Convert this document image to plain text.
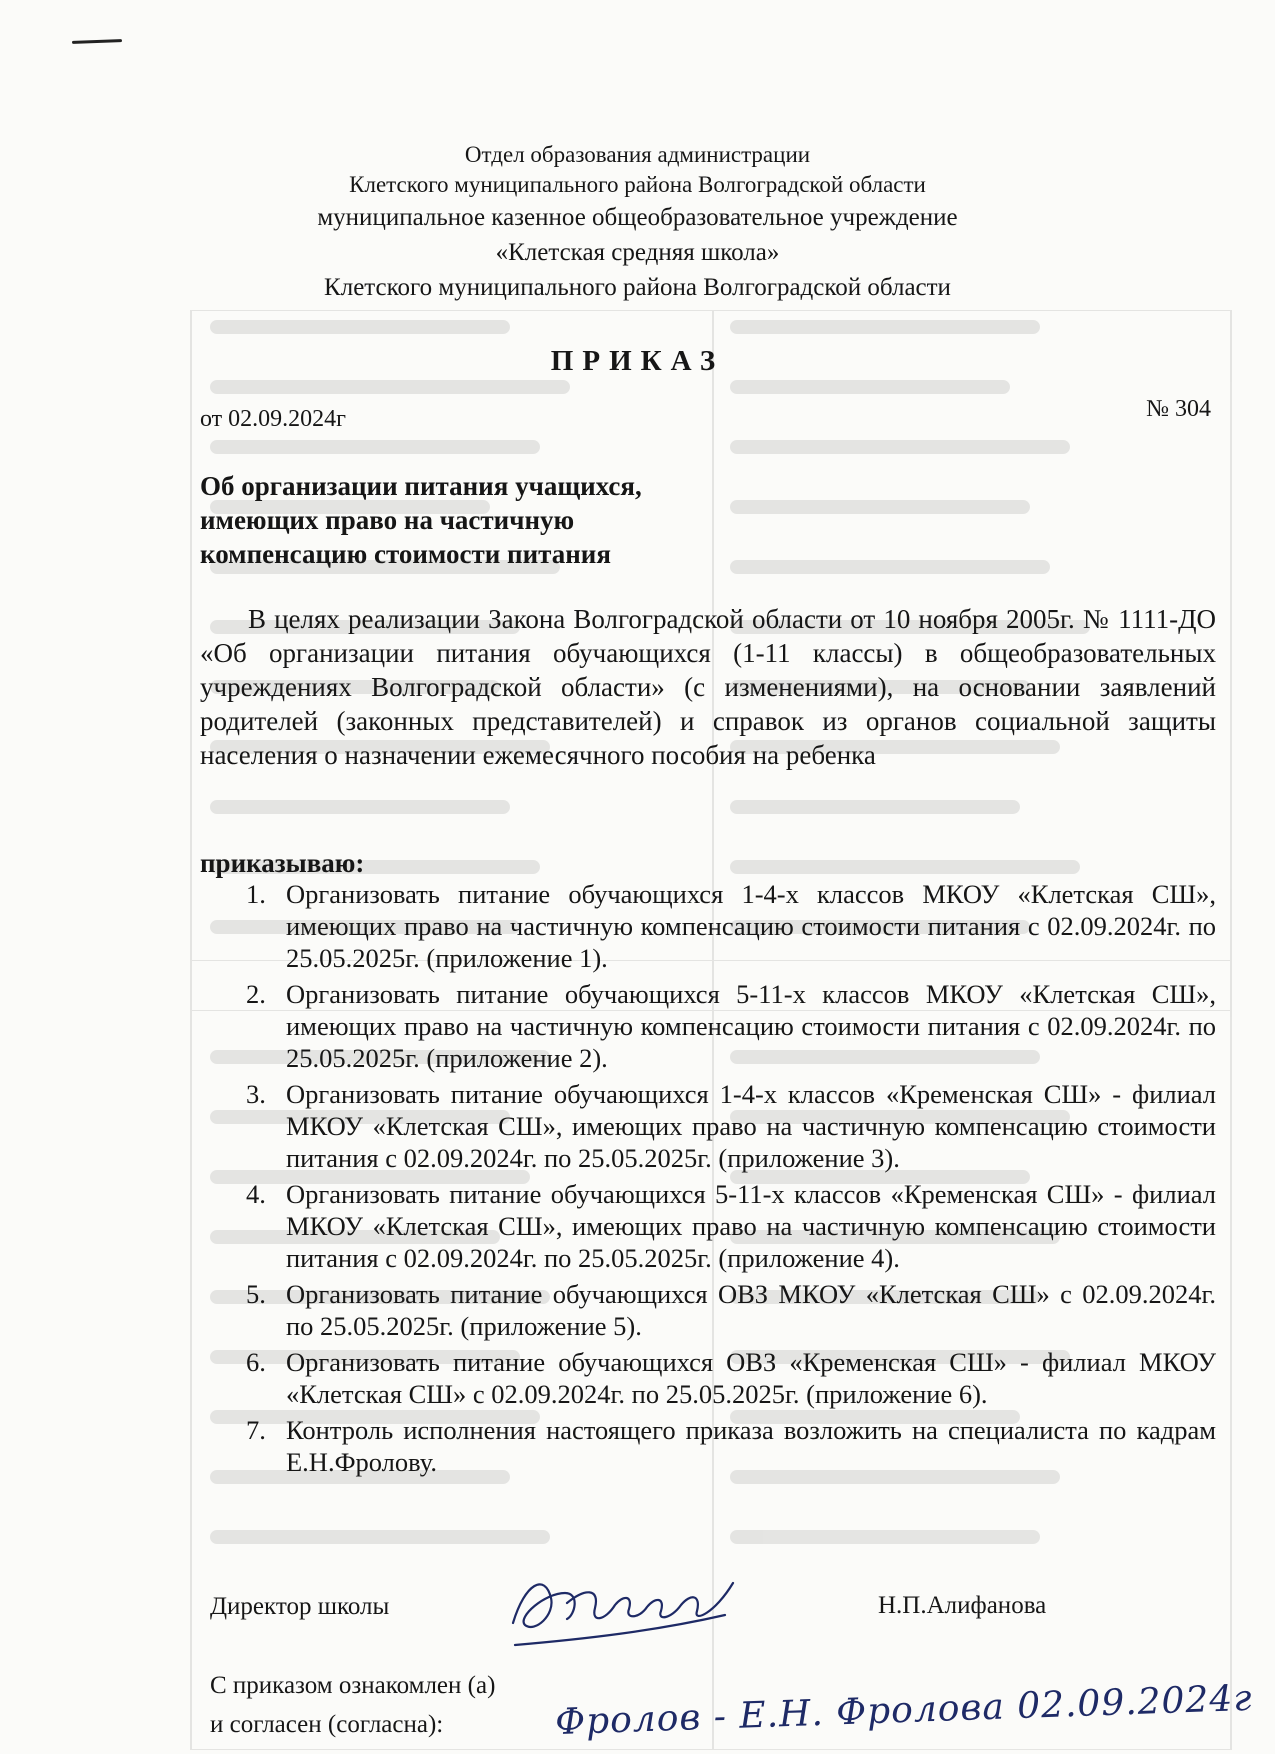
Отдел образования администрации
Клетского муниципального района Волгоградской области
муниципальное казенное общеобразовательное учреждение
«Клетская средняя школа»
Клетского муниципального района Волгоградской области
ПРИКАЗ
от 02.09.2024г	№ 304
Об организации питания учащихся,
имеющих право на частичную
компенсацию стоимости питания
В целях реализации Закона Волгоградской области от 10 ноября 2005г. № 1111-ДО «Об организации питания обучающихся (1-11 классы) в общеобразовательных учреждениях Волгоградской области» (с изменениями), на основании заявлений родителей (законных представителей) и справок из органов социальной защиты населения о назначении ежемесячного пособия на ребенка
приказываю:
1. Организовать питание обучающихся 1-4-х классов МКОУ «Клетская СШ», имеющих право на частичную компенсацию стоимости питания с 02.09.2024г. по 25.05.2025г. (приложение 1).
2. Организовать питание обучающихся 5-11-х классов МКОУ «Клетская СШ», имеющих право на частичную компенсацию стоимости питания с 02.09.2024г. по 25.05.2025г. (приложение 2).
3. Организовать питание обучающихся 1-4-х классов «Кременская СШ» - филиал МКОУ «Клетская СШ», имеющих право на частичную компенсацию стоимости питания с 02.09.2024г. по 25.05.2025г. (приложение 3).
4. Организовать питание обучающихся 5-11-х классов «Кременская СШ» - филиал МКОУ «Клетская СШ», имеющих право на частичную компенсацию стоимости питания с 02.09.2024г. по 25.05.2025г. (приложение 4).
5. Организовать питание обучающихся ОВЗ МКОУ «Клетская СШ» с 02.09.2024г. по 25.05.2025г. (приложение 5).
6. Организовать питание обучающихся ОВЗ «Кременская СШ» - филиал МКОУ «Клетская СШ» с 02.09.2024г. по 25.05.2025г. (приложение 6).
7. Контроль исполнения настоящего приказа возложить на специалиста по кадрам Е.Н.Фролову.
Директор школы	Н.П.Алифанова
С приказом ознакомлен (а)
и согласен (согласна):	Фролов - Е.Н. Фролова 02.09.2024г
